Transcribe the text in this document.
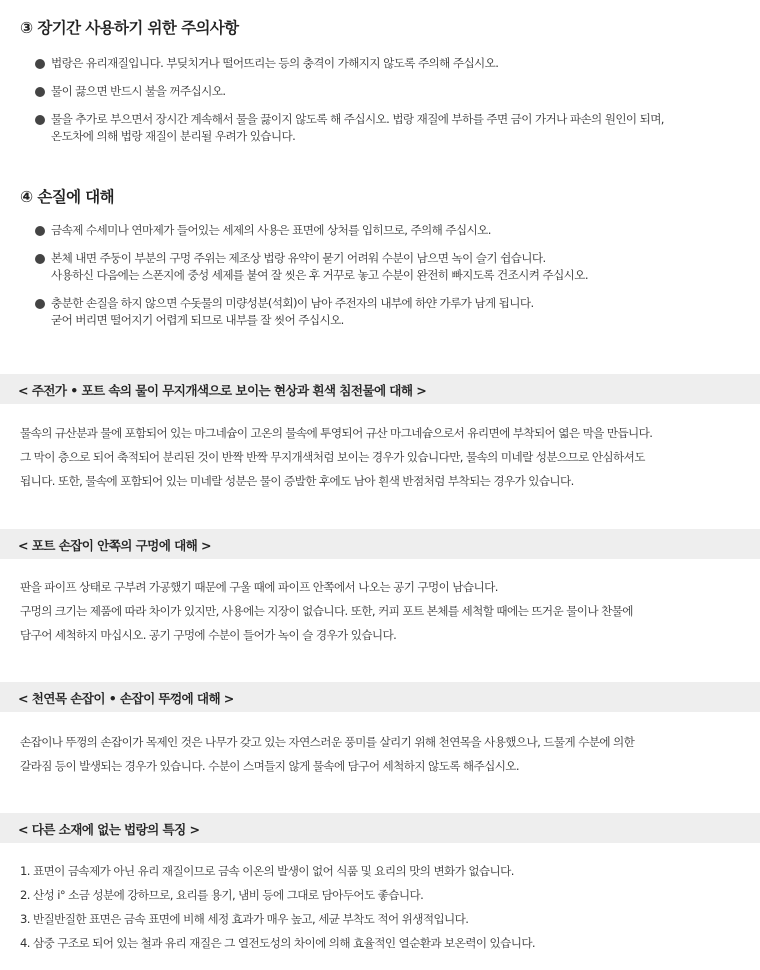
③ 장기간 사용하기 위한 주의사항
법랑은 유리재질입니다. 부딪치거나 떨어뜨리는 등의 충격이 가해지지 않도록 주의해 주십시오.
물이 끓으면 반드시 불을 꺼주십시오.
물을 추가로 부으면서 장시간 계속해서 물을 끓이지 않도록 해 주십시오. 법랑 재질에 부하를 주면 금이 가거나 파손의 원인이 되며,
온도차에 의해 법랑 재질이 분리될 우려가 있습니다.
④ 손질에 대해
금속제 수세미나 연마제가 들어있는 세제의 사용은 표면에 상처를 입히므로, 주의해 주십시오.
본체 내면 주둥이 부분의 구멍 주위는 제조상 법랑 유약이 묻기 어려워 수분이 남으면 녹이 슬기 쉽습니다.
사용하신 다음에는 스폰지에 중성 세제를 붙여 잘 씻은 후 거꾸로 놓고 수분이 완전히 빠지도록 건조시켜 주십시오.
충분한 손질을 하지 않으면 수돗물의 미량성분(석회)이 남아 주전자의 내부에 하얀 가루가 남게 됩니다.
굳어 버리면 떨어지기 어렵게 되므로 내부를 잘 씻어 주십시오.
< 주전가 • 포트 속의 물이 무지개색으로 보이는 현상과 흰색 침전물에 대해 >
물속의 규산분과 물에 포함되어 있는 마그네슘이 고온의 물속에 투영되어 규산 마그네슘으로서 유리면에 부착되어 엷은 막을 만듭니다.
그 막이 층으로 되어 축적되어 분리된 것이 반짝 반짝 무지개색처럼 보이는 경우가 있습니다만, 물속의 미네랄 성분으므로 안심하셔도
됩니다. 또한, 물속에 포함되어 있는 미네랄 성분은 물이 증발한 후에도 남아 흰색 반점처럼 부착되는 경우가 있습니다.
< 포트 손잡이 안쪽의 구멍에 대해 >
판을 파이프 상태로 구부려 가공했기 때문에 구울 때에 파이프 안쪽에서 나오는 공기 구멍이 남습니다.
구멍의 크기는 제품에 따라 차이가 있지만, 사용에는 지장이 없습니다. 또한, 커피 포트 본체를 세척할 때에는 뜨거운 물이나 찬물에
담구어 세척하지 마십시오. 공기 구멍에 수분이 들어가 녹이 슬 경우가 있습니다.
< 천연목 손잡이 • 손잡이 뚜껑에 대해 >
손잡이나 뚜껑의 손잡이가 목제인 것은 나무가 갖고 있는 자연스러운 풍미를 살리기 위해 천연목을 사용했으나, 드물게 수분에 의한
갈라짐 등이 발생되는 경우가 있습니다. 수분이 스며들지 않게 물속에 담구어 세척하지 않도록 해주십시오.
< 다른 소재에 없는 법랑의 특징 >
1. 표면이 금속제가 아닌 유리 재질이므로 금속 이온의 발생이 없어 식품 및 요리의 맛의 변화가 없습니다.
2. 산성 i° 소금 성분에 강하므로, 요리를 용기, 냄비 등에 그대로 담아두어도 좋습니다.
3. 반질반질한 표면은 금속 표면에 비해 세정 효과가 매우 높고, 세균 부착도 적어 위생적입니다.
4. 삼중 구조로 되어 있는 철과 유리 재질은 그 열전도성의 차이에 의해 효율적인 열순환과 보온력이 있습니다.
